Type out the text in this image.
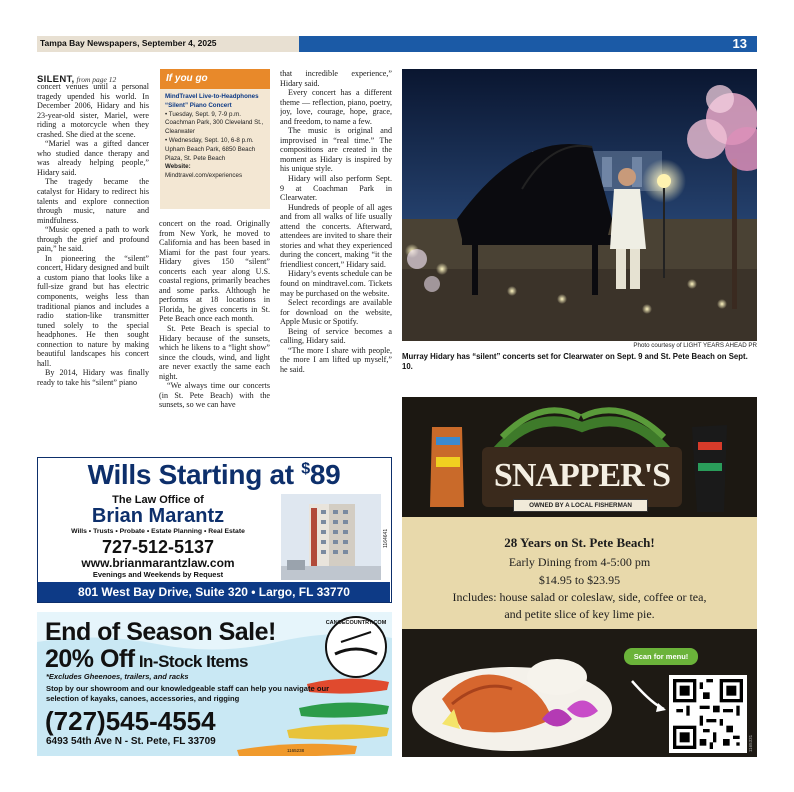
Tampa Bay Newspapers, September 4, 2025	13
SILENT, from page 12

concert venues until a personal tragedy upended his world. In December 2006, Hidary and his 23-year-old sister, Mariel, were riding a motorcycle when they crashed. She died at the scene.

“Mariel was a gifted dancer who studied dance therapy and was already helping people,” Hidary said.

The tragedy became the catalyst for Hidary to redirect his talents and explore connection through music, nature and mindfulness.

“Music opened a path to work through the grief and profound pain,” he said.

In pioneering the “silent” concert, Hidary designed and built a custom piano that looks like a full-size grand but has electric components, weighs less than traditional pianos and includes a radio station-like transmitter tuned solely to the special headphones. He then sought connection to nature by making beautiful landscapes his concert hall.

By 2014, Hidary was finally ready to take his “silent” piano

If you go
MindTravel Live-to-Headphones “Silent” Piano Concert
• Tuesday, Sept. 9, 7-9 p.m. Coachman Park, 300 Cleveland St., Clearwater
• Wednesday, Sept. 10, 6-8 p.m. Upham Beach Park, 6850 Beach Plaza, St. Pete Beach
Website: Mindtravel.com/experiences

concert on the road. Originally from New York, he moved to California and has been based in Miami for the past four years. Hidary gives 150 “silent” concerts each year along U.S. coastal regions, primarily beaches and some parks. Although he performs at 18 locations in Florida, he gives concerts in St. Pete Beach once each month.

St. Pete Beach is special to Hidary because of the sunsets, which he likens to a “light show” since the clouds, wind, and light are never exactly the same each night.

“We always time our concerts (in St. Pete Beach) with the sunsets, so we can have

that incredible experience,” Hidary said.

Every concert has a different theme — reflection, piano, poetry, joy, love, courage, hope, grace, and freedom, to name a few.

The music is original and improvised in “real time.” The compositions are created in the moment as Hidary is inspired by his unique style.

Hidary will also perform Sept. 9 at Coachman Park in Clearwater.

Hundreds of people of all ages and from all walks of life usually attend the concerts. Afterward, attendees are invited to share their stories and what they experienced during the concert, making “it the friendliest concert,” Hidary said.

Hidary’s events schedule can be found on mindtravel.com. Tickets may be purchased on the website.

Select recordings are available for download on the website, Apple Music or Spotify.

Being of service becomes a calling, Hidary said.

“The more I share with people, the more I am lifted up myself,” he said.

Photo courtesy of LIGHT YEARS AHEAD PR
Murray Hidary has “silent” concerts set for Clearwater on Sept. 9 and St. Pete Beach on Sept. 10.
Wills Starting at $89
The Law Office of
Brian Marantz
Wills • Trusts • Probate • Estate Planning • Real Estate
727-512-5137
www.brianmarantzlaw.com
Evenings and Weekends by Request
1164641
801 West Bay Drive, Suite 320 • Largo, FL 33770
End of Season Sale!
20% Off In-Stock Items
*Excludes Gheenoes, trailers, and racks
Stop by our showroom and our knowledgeable staff can help you navigate our selection of kayaks, canoes, accessories, and rigging
(727)545-4554
6493 54th Ave N - St. Pete, FL 33709
CANOECOUNTRY.COM
1165238
SNAPPER'S
OWNED BY A LOCAL FISHERMAN
28 Years on St. Pete Beach!
Early Dining from 4-5:00 pm
$14.95 to $23.95
Includes: house salad or coleslaw, side, coffee or tea,
and petite slice of key lime pie.
Scan for menu!
1165331
